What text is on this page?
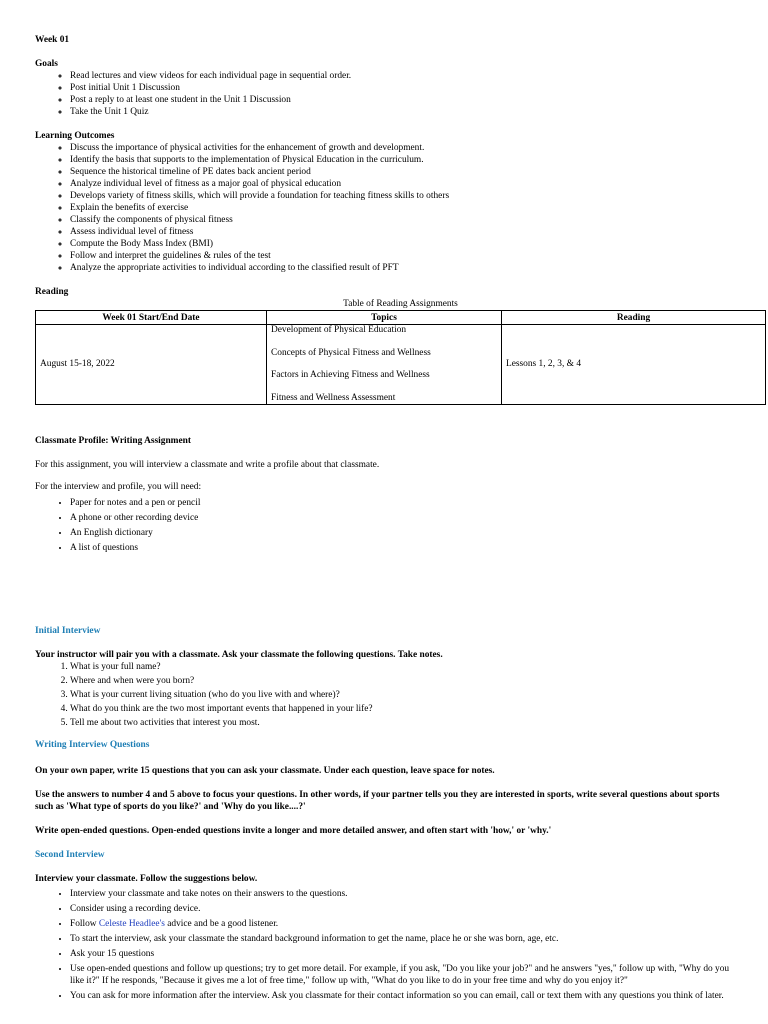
Week 01

Goals

◦ Read lectures and view videos for each individual page in sequential order.
◦ Post initial Unit 1 Discussion
◦ Post a reply to at least one student in the Unit 1 Discussion
◦ Take the Unit 1 Quiz

Learning Outcomes

◦ Discuss the importance of physical activities for the enhancement of growth and development.
◦ Identify the basis that supports to the implementation of Physical Education in the curriculum.
◦ Sequence the historical timeline of PE dates back ancient period
◦ Analyze individual level of fitness as a major goal of physical education
◦ Develops variety of fitness skills, which will provide a foundation for teaching fitness skills to others
◦ Explain the benefits of exercise
◦ Classify the components of physical fitness
◦ Assess individual level of fitness
◦ Compute the Body Mass Index (BMI)
◦ Follow and interpret the guidelines & rules of the test
◦ Analyze the appropriate activities to individual according to the classified result of PFT

Reading

Table of Reading Assignments
Week 01 Start/End Date	Topics	Reading
August 15-18, 2022	Development of Physical Education
Concepts of Physical Fitness and Wellness
Factors in Achieving Fitness and Wellness
Fitness and Wellness Assessment	Lessons 1, 2, 3, & 4

Classmate Profile: Writing Assignment

For this assignment, you will interview a classmate and write a profile about that classmate.

For the interview and profile, you will need:

• Paper for notes and a pen or pencil
• A phone or other recording device
• An English dictionary
• A list of questions

Initial Interview

Your instructor will pair you with a classmate. Ask your classmate the following questions. Take notes.

1. What is your full name?
2. Where and when were you born?
3. What is your current living situation (who do you live with and where)?
4. What do you think are the two most important events that happened in your life?
5. Tell me about two activities that interest you most.

Writing Interview Questions

On your own paper, write 15 questions that you can ask your classmate. Under each question, leave space for notes.

Use the answers to number 4 and 5 above to focus your questions. In other words, if your partner tells you they are interested in sports, write several questions about sports such as 'What type of sports do you like?' and 'Why do you like....?'

Write open-ended questions. Open-ended questions invite a longer and more detailed answer, and often start with 'how,' or 'why.'

Second Interview

Interview your classmate. Follow the suggestions below.

• Interview your classmate and take notes on their answers to the questions.
• Consider using a recording device.
• Follow Celeste Headlee's advice and be a good listener.
• To start the interview, ask your classmate the standard background information to get the name, place he or she was born, age, etc.
• Ask your 15 questions
• Use open-ended questions and follow up questions; try to get more detail. For example, if you ask, "Do you like your job?" and he answers "yes," follow up with, "Why do you like it?" If he responds, "Because it gives me a lot of free time," follow up with, "What do you like to do in your free time and why do you enjoy it?"
• You can ask for more information after the interview. Ask you classmate for their contact information so you can email, call or text them with any questions you think of later.
